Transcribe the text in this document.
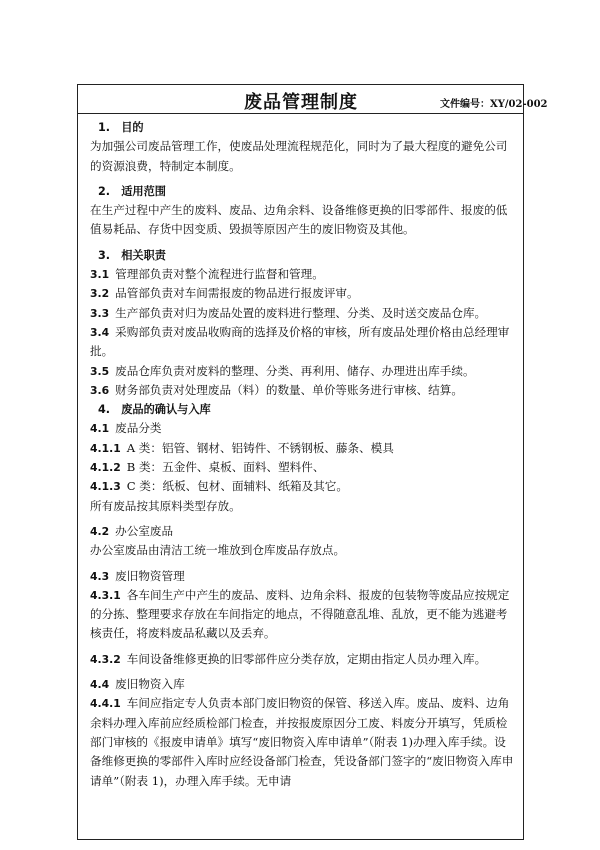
废品管理制度	文件编号：XY/02-002

1.　目的

为加强公司废品管理工作，使废品处理流程规范化，同时为了最大程度的避免公司的资源浪费，特制定本制度。

2.　适用范围

在生产过程中产生的废料、废品、边角余料、设备维修更换的旧零部件、报废的低值易耗品、存货中因变质、毁损等原因产生的废旧物资及其他。

3.　相关职责

3.1 管理部负责对整个流程进行监督和管理。

3.2 品管部负责对车间需报废的物品进行报废评审。

3.3 生产部负责对归为废品处置的废料进行整理、分类、及时送交废品仓库。

3.4 采购部负责对废品收购商的选择及价格的审核，所有废品处理价格由总经理审批。

3.5 废品仓库负责对废料的整理、分类、再利用、储存、办理进出库手续。

3.6 财务部负责对处理废品（料）的数量、单价等账务进行审核、结算。

4.　废品的确认与入库

4.1 废品分类

4.1.1 A 类：铝管、钢材、铝铸件、不锈钢板、藤条、模具

4.1.2 B 类：五金件、桌板、面料、塑料件、

4.1.3 C 类：纸板、包材、面辅料、纸箱及其它。

所有废品按其原料类型存放。

4.2 办公室废品

办公室废品由清洁工统一堆放到仓库废品存放点。

4.3 废旧物资管理

4.3.1 各车间生产中产生的废品、废料、边角余料、报废的包装物等废品应按规定的分拣、整理要求存放在车间指定的地点，不得随意乱堆、乱放，更不能为逃避考核责任，将废料废品私藏以及丢弃。

4.3.2 车间设备维修更换的旧零部件应分类存放，定期由指定人员办理入库。

4.4 废旧物资入库

4.4.1 车间应指定专人负责本部门废旧物资的保管、移送入库。废品、废料、边角余料办理入库前应经质检部门检查，并按报废原因分工废、料废分开填写，凭质检部门审核的《报废申请单》填写“废旧物资入库申请单”（附表 1)办理入库手续。设备维修更换的零部件入库时应经设备部门检查，凭设备部门签字的“废旧物资入库申请单”（附表 1)，办理入库手续。无申请
